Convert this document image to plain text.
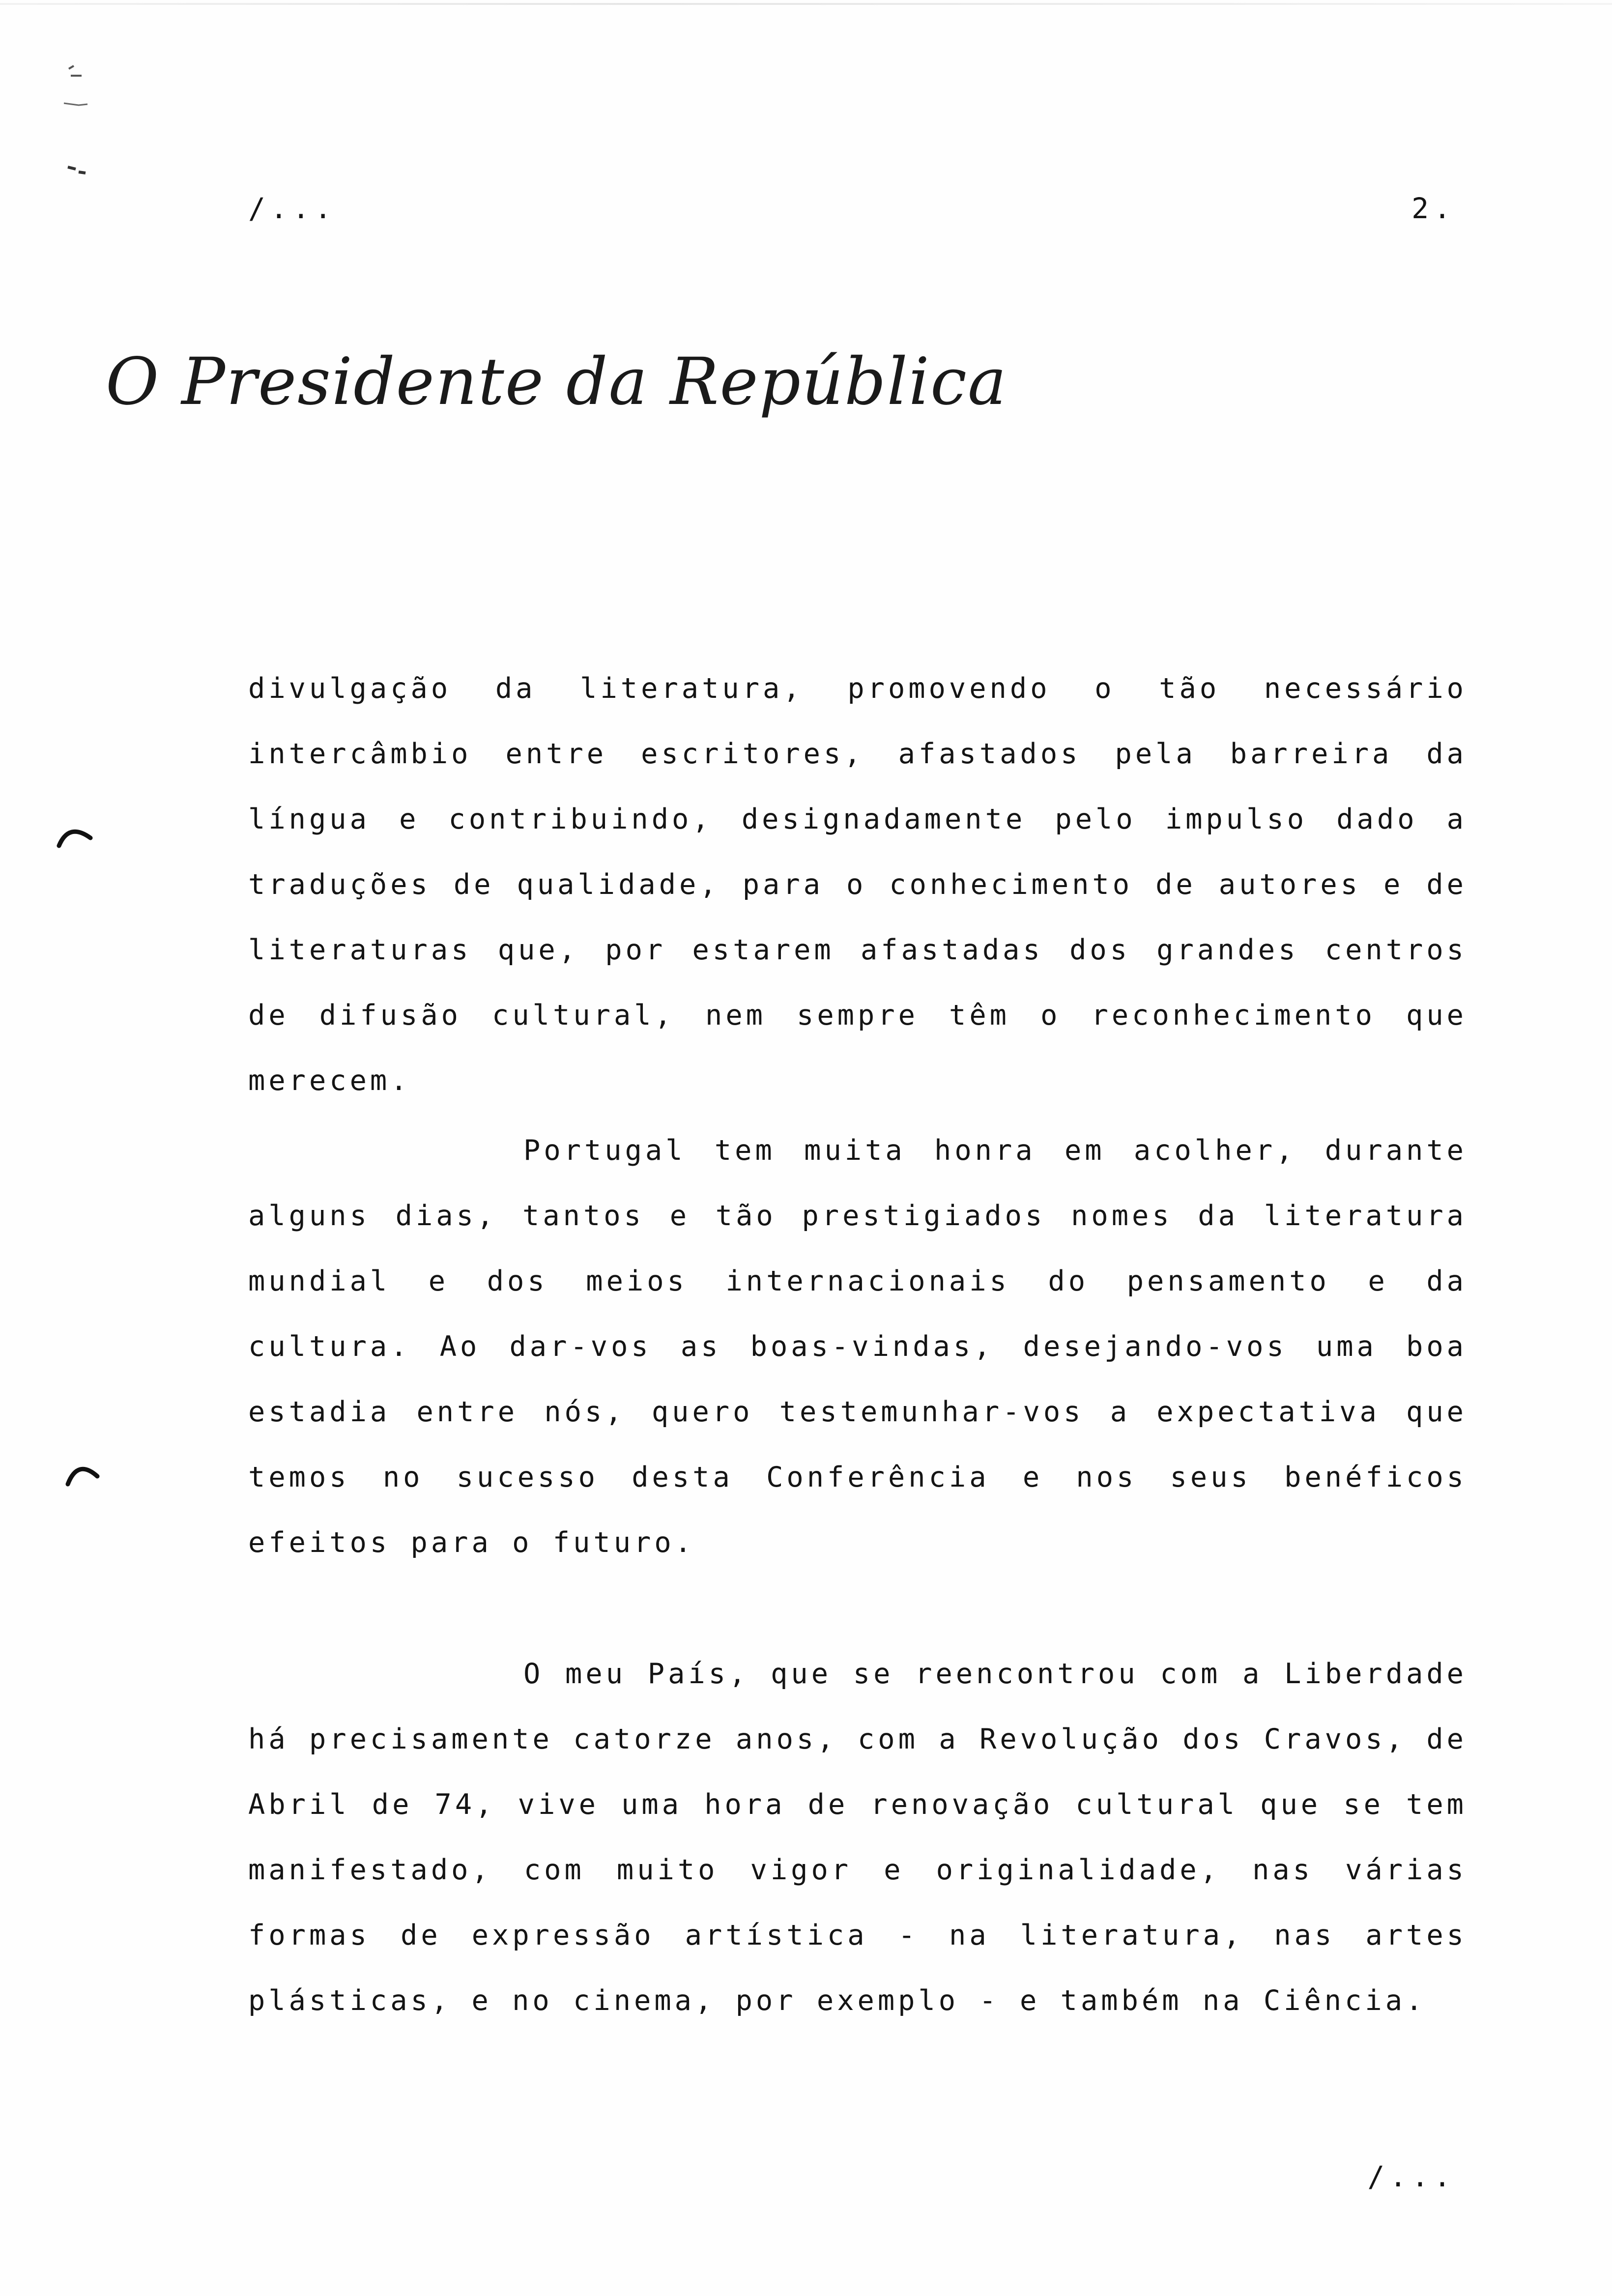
/...	2.
O Presidente da República
divulgação da literatura, promovendo o tão necessário intercâmbio entre escritores, afastados pela barreira da língua e contribuindo, designadamente pelo impulso dado a traduções de qualidade, para o conhecimento de autores e de literaturas que, por estarem afastadas dos grandes centros de difusão cultural, nem sempre têm o reconhecimento que merecem.
Portugal tem muita honra em acolher, durante alguns dias, tantos e tão prestigiados nomes da literatura mundial e dos meios internacionais do pensamento e da cultura. Ao dar-vos as boas-vindas, desejando-vos uma boa estadia entre nós, quero testemunhar-vos a expectativa que temos no sucesso desta Conferência e nos seus benéficos efeitos para o futuro.
O meu País, que se reencontrou com a Liberdade há precisamente catorze anos, com a Revolução dos Cravos, de Abril de 74, vive uma hora de renovação cultural que se tem manifestado, com muito vigor e originalidade, nas várias formas de expressão artística - na literatura, nas artes plásticas, e no cinema, por exemplo - e também na Ciência.
/...
